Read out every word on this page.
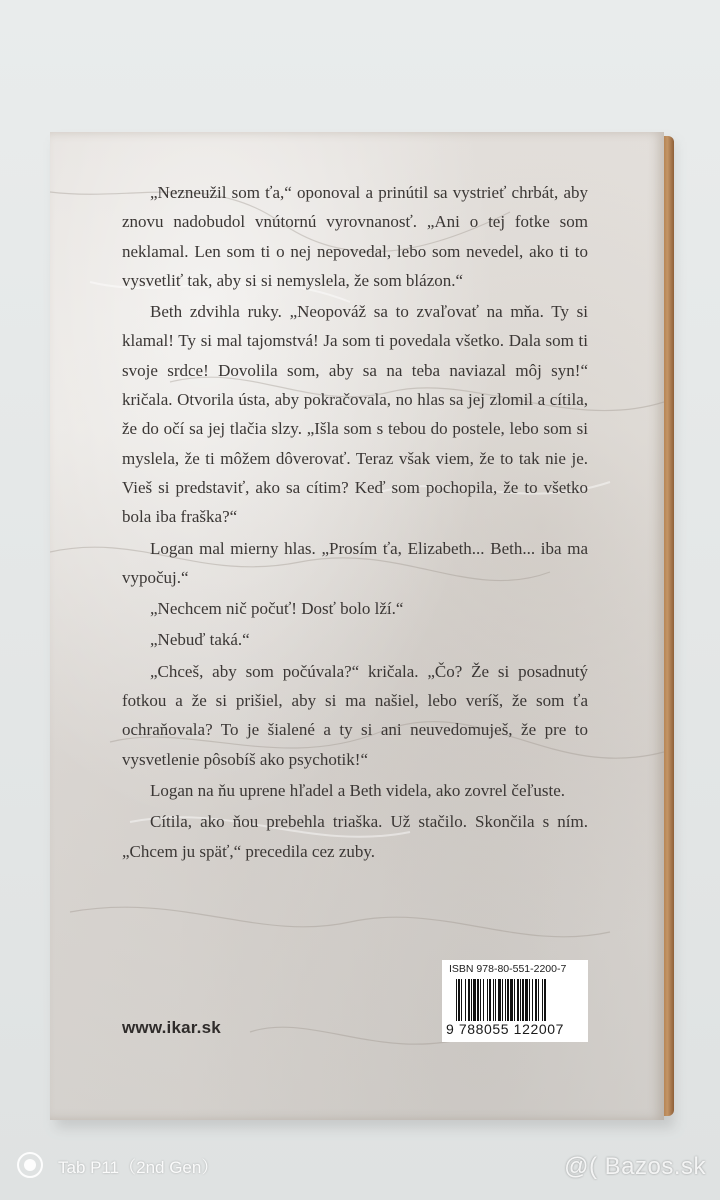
„Nezneužil som ťa,“ oponoval a prinútil sa vystrieť chrbát, aby znovu nadobudol vnútornú vyrovnanosť. „Ani o tej fotke som neklamal. Len som ti o nej nepovedal, lebo som nevedel, ako ti to vysvetliť tak, aby si si nemyslela, že som blázon.“

Beth zdvihla ruky. „Neopováž sa to zvaľovať na mňa. Ty si klamal! Ty si mal tajomstvá! Ja som ti povedala všetko. Dala som ti svoje srdce! Dovolila som, aby sa na teba naviazal môj syn!“ kričala. Otvorila ústa, aby pokračovala, no hlas sa jej zlomil a cítila, že do očí sa jej tlačia slzy. „Išla som s tebou do postele, lebo som si myslela, že ti môžem dôverovať. Teraz však viem, že to tak nie je. Vieš si predstaviť, ako sa cítim? Keď som pochopila, že to všetko bola iba fraška?“

Logan mal mierny hlas. „Prosím ťa, Elizabeth... Beth... iba ma vypočuj.“

„Nechcem nič počuť! Dosť bolo lží.“

„Nebuď taká.“

„Chceš, aby som počúvala?“ kričala. „Čo? Že si posadnutý fotkou a že si prišiel, aby si ma našiel, lebo veríš, že som ťa ochraňovala? To je šialené a ty si ani neuvedomuješ, že pre to vysvetlenie pôsobíš ako psychotik!“

Logan na ňu uprene hľadel a Beth videla, ako zovrel čeľuste.

Cítila, ako ňou prebehla triaška. Už stačilo. Skončila s ním. „Chcem ju späť,“ precedila cez zuby.

www.ikar.sk
ISBN 978-80-551-2200-7
9 788055 122007
Tab P11（2nd Gen）	@( Bazos.sk
